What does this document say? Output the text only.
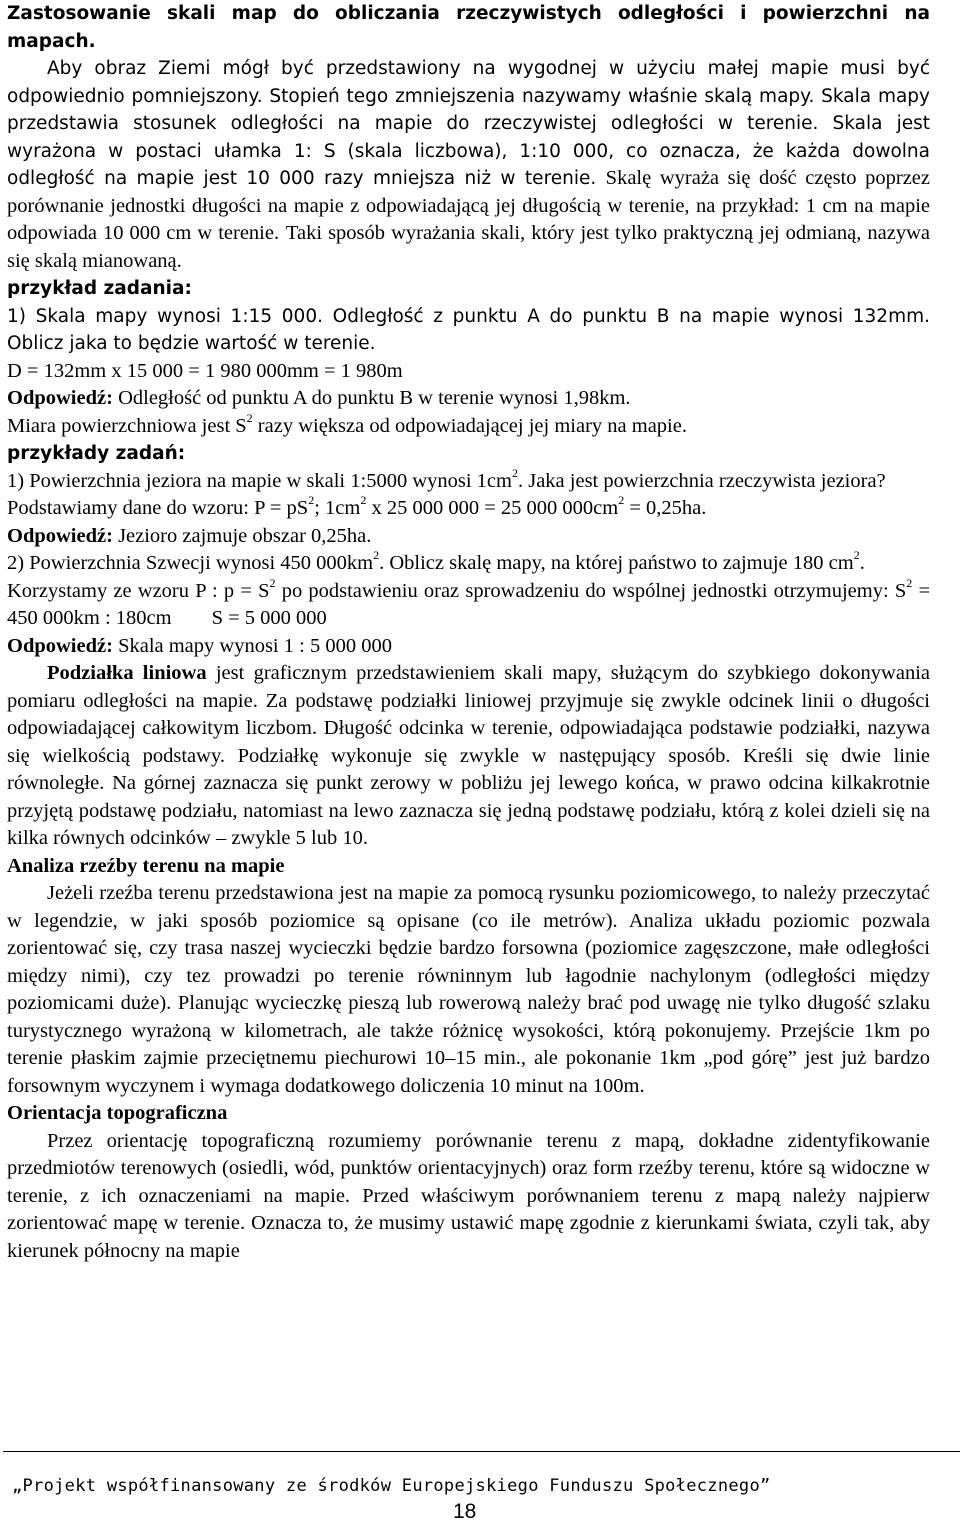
Zastosowanie skali map do obliczania rzeczywistych odległości i powierzchni na mapach.

Aby obraz Ziemi mógł być przedstawiony na wygodnej w użyciu małej mapie musi być odpowiednio pomniejszony. Stopień tego zmniejszenia nazywamy właśnie skalą mapy. Skala mapy przedstawia stosunek odległości na mapie do rzeczywistej odległości w terenie. Skala jest wyrażona w postaci ułamka 1: S (skala liczbowa), 1:10 000, co oznacza, że każda dowolna odległość na mapie jest 10 000 razy mniejsza niż w terenie. Skalę wyraża się dość często poprzez porównanie jednostki długości na mapie z odpowiadającą jej długością w terenie, na przykład: 1 cm na mapie odpowiada 10 000 cm w terenie. Taki sposób wyrażania skali, który jest tylko praktyczną jej odmianą, nazywa się skalą mianowaną.

przykład zadania:

1) Skala mapy wynosi 1:15 000. Odległość z punktu A do punktu B na mapie wynosi 132mm. Oblicz jaka to będzie wartość w terenie.

D = 132mm x 15 000 = 1 980 000mm = 1 980m

Odpowiedź: Odległość od punktu A do punktu B w terenie wynosi 1,98km.

Miara powierzchniowa jest $S^2$ razy większa od odpowiadającej jej miary na mapie.

przykłady zadań:

1) Powierzchnia jeziora na mapie w skali 1:5000 wynosi $1cm^2$. Jaka jest powierzchnia rzeczywista jeziora?

Podstawiamy dane do wzoru: $P = pS^2$; $1cm^2$ x 25 000 000 = 25 000 $000cm^2 = 0,25ha$.

Odpowiedź: Jezioro zajmuje obszar 0,25ha.

2) Powierzchnia Szwecji wynosi 450 $000km^2$. Oblicz skalę mapy, na której państwo to zajmuje 180 $cm^2$.

Korzystamy ze wzoru P : $p = S^2$ po podstawieniu oraz sprowadzeniu do wspólnej jednostki otrzymujemy: $S^2 = 450$ 000km : 180cm S = 5 000 000

Odpowiedź: Skala mapy wynosi 1 : 5 000 000

Podziałka liniowa jest graficznym przedstawieniem skali mapy, służącym do szybkiego dokonywania pomiaru odległości na mapie. Za podstawę podziałki liniowej przyjmuje się zwykle odcinek linii o długości odpowiadającej całkowitym liczbom. Długość odcinka w terenie, odpowiadająca podstawie podziałki, nazywa się wielkością podstawy. Podziałkę wykonuje się zwykle w następujący sposób. Kreśli się dwie linie równoległe. Na górnej zaznacza się punkt zerowy w pobliżu jej lewego końca, w prawo odcina kilkakrotnie przyjętą podstawę podziału, natomiast na lewo zaznacza się jedną podstawę podziału, którą z kolei dzieli się na kilka równych odcinków – zwykle 5 lub 10.

Analiza rzeźby terenu na mapie

Jeżeli rzeźba terenu przedstawiona jest na mapie za pomocą rysunku poziomicowego, to należy przeczytać w legendzie, w jaki sposób poziomice są opisane (co ile metrów). Analiza układu poziomic pozwala zorientować się, czy trasa naszej wycieczki będzie bardzo forsowna (poziomice zagęszczone, małe odległości między nimi), czy tez prowadzi po terenie równinnym lub łagodnie nachylonym (odległości między poziomicami duże). Planując wycieczkę pieszą lub rowerową należy brać pod uwagę nie tylko długość szlaku turystycznego wyrażoną w kilometrach, ale także różnicę wysokości, którą pokonujemy. Przejście 1km po terenie płaskim zajmie przeciętnemu piechurowi 10–15 min., ale pokonanie 1km „pod górę” jest już bardzo forsownym wyczynem i wymaga dodatkowego doliczenia 10 minut na 100m.

Orientacja topograficzna

Przez orientację topograficzną rozumiemy porównanie terenu z mapą, dokładne zidentyfikowanie przedmiotów terenowych (osiedli, wód, punktów orientacyjnych) oraz form rzeźby terenu, które są widoczne w terenie, z ich oznaczeniami na mapie. Przed właściwym porównaniem terenu z mapą należy najpierw zorientować mapę w terenie. Oznacza to, że musimy ustawić mapę zgodnie z kierunkami świata, czyli tak, aby kierunek północny na mapie

„Projekt współfinansowany ze środków Europejskiego Funduszu Społecznego”
18
